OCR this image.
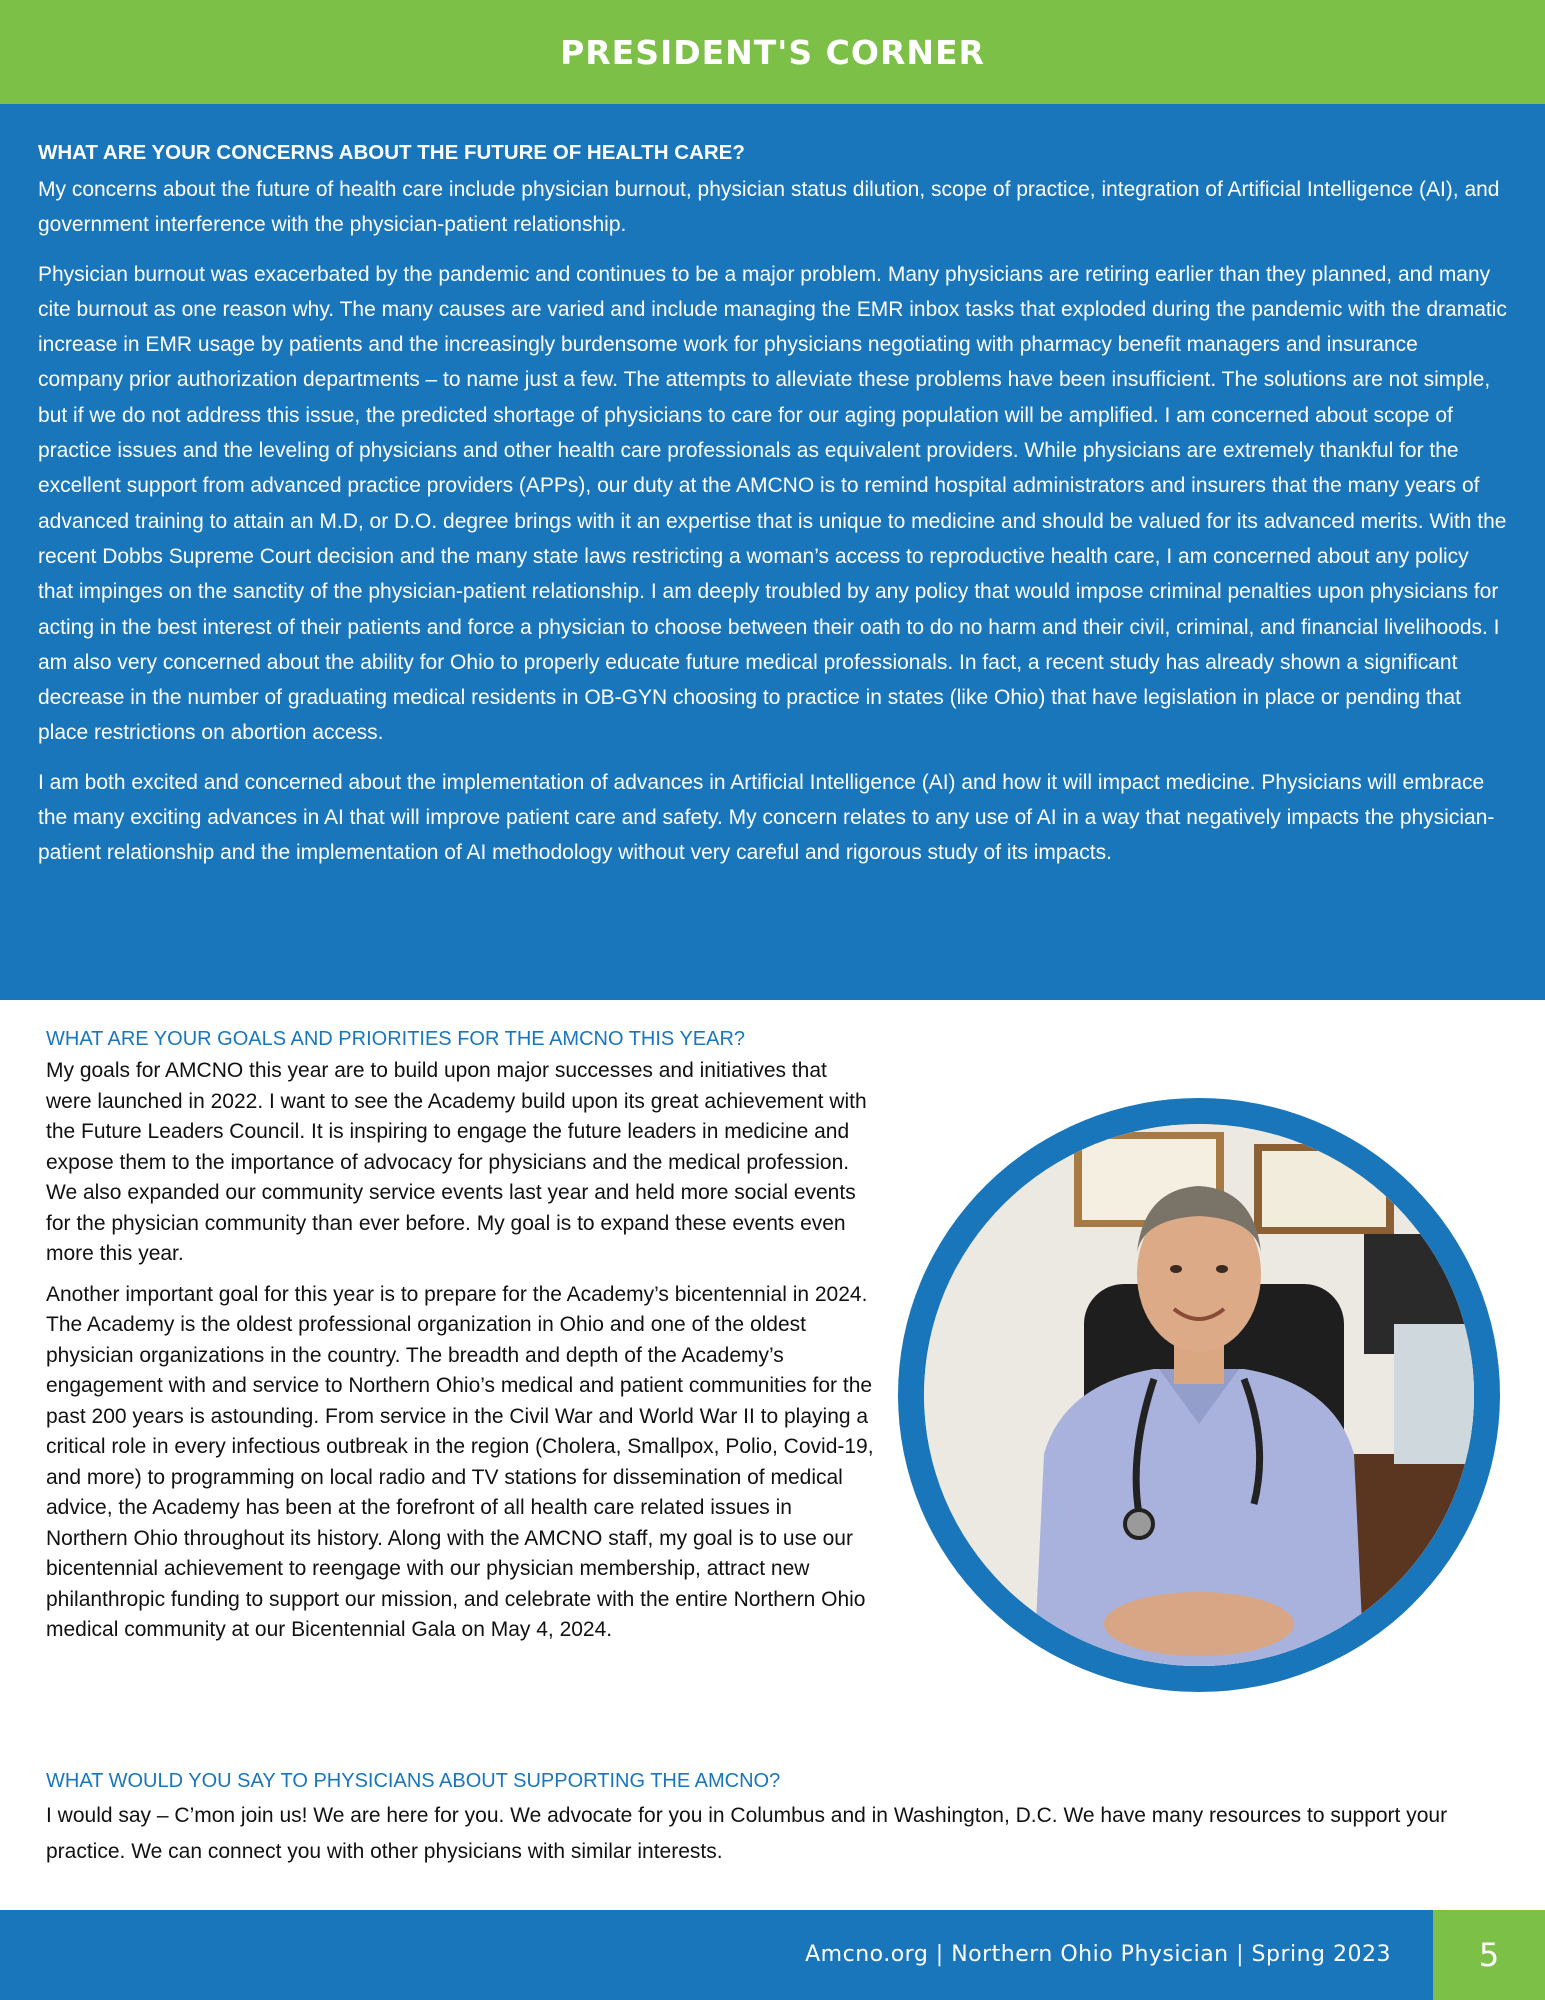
PRESIDENT'S CORNER
WHAT ARE YOUR CONCERNS ABOUT THE FUTURE OF HEALTH CARE?

My concerns about the future of health care include physician burnout, physician status dilution, scope of practice, integration of Artificial Intelligence (AI), and government interference with the physician-patient relationship.

Physician burnout was exacerbated by the pandemic and continues to be a major problem. Many physicians are retiring earlier than they planned, and many cite burnout as one reason why. The many causes are varied and include managing the EMR inbox tasks that exploded during the pandemic with the dramatic increase in EMR usage by patients and the increasingly burdensome work for physicians negotiating with pharmacy benefit managers and insurance company prior authorization departments – to name just a few. The attempts to alleviate these problems have been insufficient. The solutions are not simple, but if we do not address this issue, the predicted shortage of physicians to care for our aging population will be amplified. I am concerned about scope of practice issues and the leveling of physicians and other health care professionals as equivalent providers. While physicians are extremely thankful for the excellent support from advanced practice providers (APPs), our duty at the AMCNO is to remind hospital administrators and insurers that the many years of advanced training to attain an M.D, or D.O. degree brings with it an expertise that is unique to medicine and should be valued for its advanced merits. With the recent Dobbs Supreme Court decision and the many state laws restricting a woman’s access to reproductive health care, I am concerned about any policy that impinges on the sanctity of the physician-patient relationship. I am deeply troubled by any policy that would impose criminal penalties upon physicians for acting in the best interest of their patients and force a physician to choose between their oath to do no harm and their civil, criminal, and financial livelihoods. I am also very concerned about the ability for Ohio to properly educate future medical professionals. In fact, a recent study has already shown a significant decrease in the number of graduating medical residents in OB-GYN choosing to practice in states (like Ohio) that have legislation in place or pending that place restrictions on abortion access.

I am both excited and concerned about the implementation of advances in Artificial Intelligence (AI) and how it will impact medicine. Physicians will embrace the many exciting advances in AI that will improve patient care and safety. My concern relates to any use of AI in a way that negatively impacts the physician-patient relationship and the implementation of AI methodology without very careful and rigorous study of its impacts.

WHAT ARE YOUR GOALS AND PRIORITIES FOR THE AMCNO THIS YEAR?

My goals for AMCNO this year are to build upon major successes and initiatives that were launched in 2022. I want to see the Academy build upon its great achievement with the Future Leaders Council. It is inspiring to engage the future leaders in medicine and expose them to the importance of advocacy for physicians and the medical profession. We also expanded our community service events last year and held more social events for the physician community than ever before. My goal is to expand these events even more this year.

Another important goal for this year is to prepare for the Academy’s bicentennial in 2024. The Academy is the oldest professional organization in Ohio and one of the oldest physician organizations in the country. The breadth and depth of the Academy’s engagement with and service to Northern Ohio’s medical and patient communities for the past 200 years is astounding. From service in the Civil War and World War II to playing a critical role in every infectious outbreak in the region (Cholera, Smallpox, Polio, Covid-19, and more) to programming on local radio and TV stations for dissemination of medical advice, the Academy has been at the forefront of all health care related issues in Northern Ohio throughout its history. Along with the AMCNO staff, my goal is to use our bicentennial achievement to reengage with our physician membership, attract new philanthropic funding to support our mission, and celebrate with the entire Northern Ohio medical community at our Bicentennial Gala on May 4, 2024.

WHAT WOULD YOU SAY TO PHYSICIANS ABOUT SUPPORTING THE AMCNO?

I would say – C’mon join us! We are here for you. We advocate for you in Columbus and in Washington, D.C. We have many resources to support your practice. We can connect you with other physicians with similar interests.

Amcno.org | Northern Ohio Physician | Spring 2023	5
